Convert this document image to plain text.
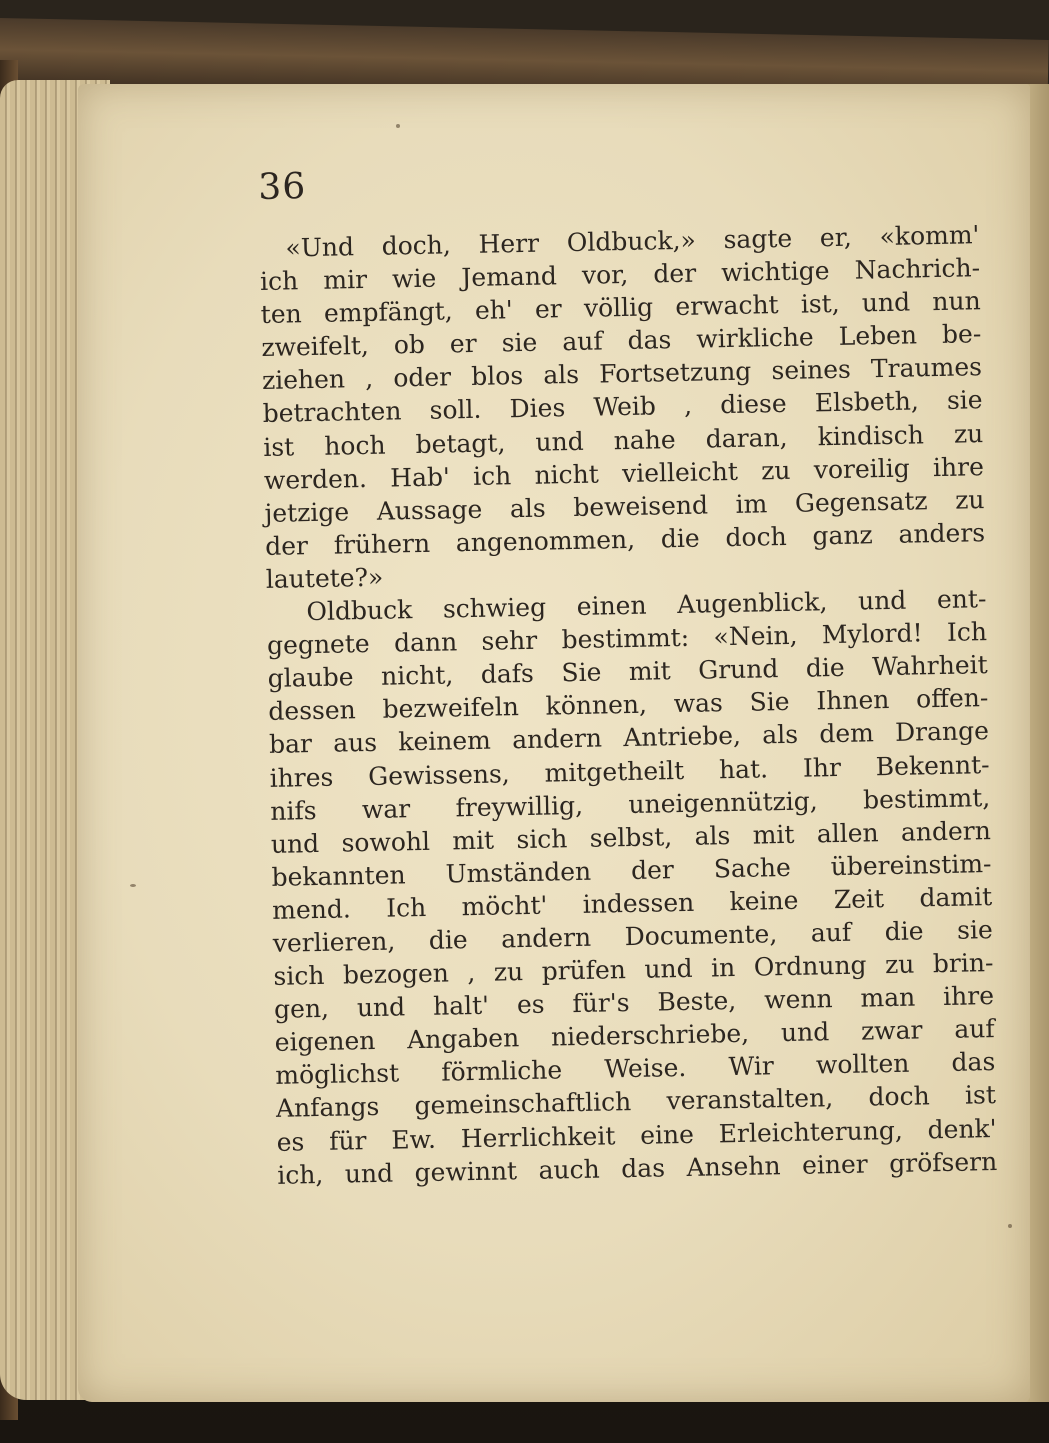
36
«Und doch, Herr Oldbuck,» sagte er, «komm'
ich mir wie Jemand vor, der wichtige Nachrich-
ten empfängt, eh' er völlig erwacht ist, und nun
zweifelt, ob er sie auf das wirkliche Leben be-
ziehen , oder blos als Fortsetzung seines Traumes
betrachten soll. Dies Weib , diese Elsbeth, sie
ist hoch betagt, und nahe daran, kindisch zu
werden. Hab' ich nicht vielleicht zu voreilig ihre
jetzige Aussage als beweisend im Gegensatz zu
der frühern angenommen, die doch ganz anders
lautete?»
Oldbuck schwieg einen Augenblick, und ent-
gegnete dann sehr bestimmt: «Nein, Mylord! Ich
glaube nicht, dafs Sie mit Grund die Wahrheit
dessen bezweifeln können, was Sie Ihnen offen-
bar aus keinem andern Antriebe, als dem Drange
ihres Gewissens, mitgetheilt hat. Ihr Bekennt-
nifs war freywillig, uneigennützig, bestimmt,
und sowohl mit sich selbst, als mit allen andern
bekannten Umständen der Sache übereinstim-
mend. Ich möcht' indessen keine Zeit damit
verlieren, die andern Documente, auf die sie
sich bezogen , zu prüfen und in Ordnung zu brin-
gen, und halt' es für's Beste, wenn man ihre
eigenen Angaben niederschriebe, und zwar auf
möglichst förmliche Weise. Wir wollten das
Anfangs gemeinschaftlich veranstalten, doch ist
es für Ew. Herrlichkeit eine Erleichterung, denk'
ich, und gewinnt auch das Ansehn einer gröfsern
